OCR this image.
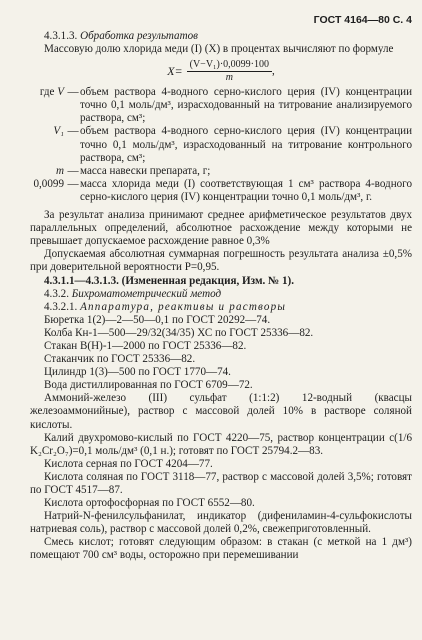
ГОСТ 4164—80 С. 4

4.3.1.3. Обработка результатов

Массовую долю хлорида меди (I) (X) в процентах вычисляют по формуле

$X= \frac{\text{(V−V₁)·0,0099·100}}{m}$ ,
где V — объем раствора 4-водного серно-кислого церия (IV) концентрации точно 0,1 моль/дм³, израсходованный на титрование анализируемого раствора, см³;
V₁ — объем раствора 4-водного серно-кислого церия (IV) концентрации точно 0,1 моль/дм³, израсходованный на титрование контрольного раствора, см³;
m — масса навески препарата, г;
0,0099 — масса хлорида меди (I) соответствующая 1 см³ раствора 4-водного серно-кислого церия (IV) концентрации точно 0,1 моль/дм³, г.

За результат анализа принимают среднее арифметическое результатов двух параллельных определений, абсолютное расхождение между которыми не превышает допускаемое расхождение равное 0,3%

Допускаемая абсолютная суммарная погрешность результата анализа ±0,5% при доверительной вероятности P=0,95.

4.3.1.1—4.3.1.3. (Измененная редакция, Изм. № 1).

4.3.2. Бихроматометрический метод

4.3.2.1. Аппаратура, реактивы и растворы

Бюретка 1(2)—2—50—0,1 по ГОСТ 20292—74.

Колба Кн-1—500—29/32(34/35) ХС по ГОСТ 25336—82.

Стакан В(Н)-1—2000 по ГОСТ 25336—82.

Стаканчик по ГОСТ 25336—82.

Цилиндр 1(3)—500 по ГОСТ 1770—74.

Вода дистиллированная по ГОСТ 6709—72.

Аммоний-железо (III) сульфат (1:1:2) 12-водный (квасцы железоаммонийные), раствор с массовой долей 10% в растворе соляной кислоты.

Калий двухромово-кислый по ГОСТ 4220—75, раствор концентрации c(1/6 K₂Cr₂O₇)=0,1 моль/дм³ (0,1 н.); готовят по ГОСТ 25794.2—83.

Кислота серная по ГОСТ 4204—77.

Кислота соляная по ГОСТ 3118—77, раствор с массовой долей 3,5%; готовят по ГОСТ 4517—87.

Кислота ортофосфорная по ГОСТ 6552—80.

Натрий-N-фенилсульфанилат, индикатор (дифениламин-4-сульфокислоты натриевая соль), раствор с массовой долей 0,2%, свежеприготовленный.

Смесь кислот; готовят следующим образом: в стакан (с меткой на 1 дм³) помещают 700 см³ воды, осторожно при перемешивании
